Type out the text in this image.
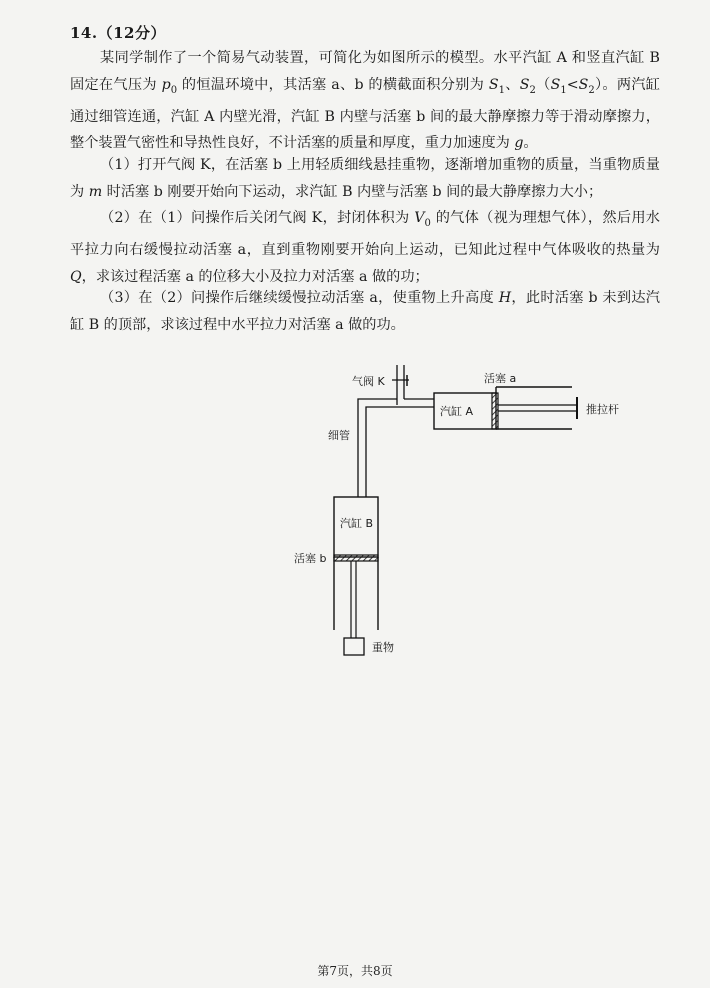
14.（12分）
某同学制作了一个简易气动装置，可简化为如图所示的模型。水平汽缸 A 和竖直汽缸 B 固定在气压为 $p_0$ 的恒温环境中，其活塞 a、b 的横截面积分别为 $S_1$、$S_2(S_1<S_2)$。两汽缸通过细管连通，汽缸 A 内壁光滑，汽缸 B 内壁与活塞 b 间的最大静摩擦力等于滑动摩擦力，整个装置气密性和导热性良好，不计活塞的质量和厚度，重力加速度为 g。
（1）打开气阀 K，在活塞 b 上用轻质细线悬挂重物，逐渐增加重物的质量，当重物质量为 m 时活塞 b 刚要开始向下运动，求汽缸 B 内壁与活塞 b 间的最大静摩擦力大小；
（2）在（1）问操作后关闭气阀 K，封闭体积为 $V_0$ 的气体（视为理想气体），然后用水平拉力向右缓慢拉动活塞 a，直到重物刚要开始向上运动，已知此过程中气体吸收的热量为 Q，求该过程活塞 a 的位移大小及拉力对活塞 a 做的功；
（3）在（2）问操作后继续缓慢拉动活塞 a，使重物上升高度 H，此时活塞 b 未到达汽缸 B 的顶部，求该过程中水平拉力对活塞 a 做的功。
气阀 K
细管
汽缸 A
活塞 a
推拉杆
汽缸 B
活塞 b
重物
第7页，共8页
